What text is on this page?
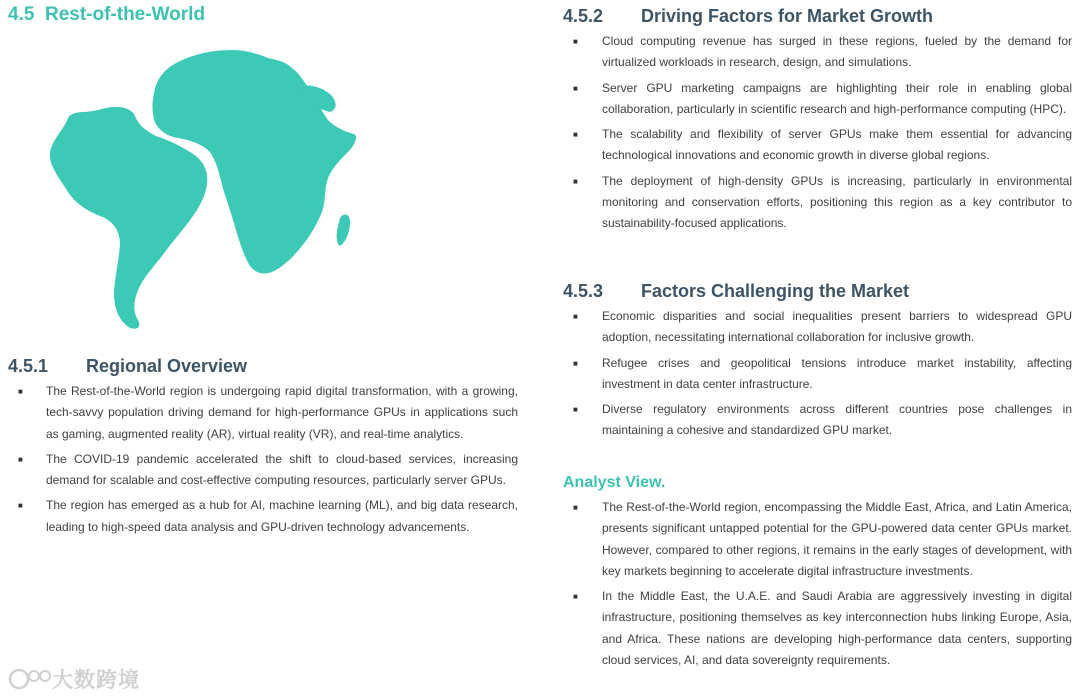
4.5 Rest-of-the-World
4.5.1 Regional Overview
■ The Rest-of-the-World region is undergoing rapid digital transformation, with a growing, tech-savvy population driving demand for high-performance GPUs in applications such as gaming, augmented reality (AR), virtual reality (VR), and real-time analytics.
■ The COVID-19 pandemic accelerated the shift to cloud-based services, increasing demand for scalable and cost-effective computing resources, particularly server GPUs.
■ The region has emerged as a hub for AI, machine learning (ML), and big data research, leading to high-speed data analysis and GPU-driven technology advancements.
4.5.2 Driving Factors for Market Growth
■ Cloud computing revenue has surged in these regions, fueled by the demand for virtualized workloads in research, design, and simulations.
■ Server GPU marketing campaigns are highlighting their role in enabling global collaboration, particularly in scientific research and high-performance computing (HPC).
■ The scalability and flexibility of server GPUs make them essential for advancing technological innovations and economic growth in diverse global regions.
■ The deployment of high-density GPUs is increasing, particularly in environmental monitoring and conservation efforts, positioning this region as a key contributor to sustainability-focused applications.
4.5.3 Factors Challenging the Market
■ Economic disparities and social inequalities present barriers to widespread GPU adoption, necessitating international collaboration for inclusive growth.
■ Refugee crises and geopolitical tensions introduce market instability, affecting investment in data center infrastructure.
■ Diverse regulatory environments across different countries pose challenges in maintaining a cohesive and standardized GPU market.
Analyst View.
■ The Rest-of-the-World region, encompassing the Middle East, Africa, and Latin America, presents significant untapped potential for the GPU-powered data center GPUs market. However, compared to other regions, it remains in the early stages of development, with key markets beginning to accelerate digital infrastructure investments.
■ In the Middle East, the U.A.E. and Saudi Arabia are aggressively investing in digital infrastructure, positioning themselves as key interconnection hubs linking Europe, Asia, and Africa. These nations are developing high-performance data centers, supporting cloud services, AI, and data sovereignty requirements.
大数跨境
